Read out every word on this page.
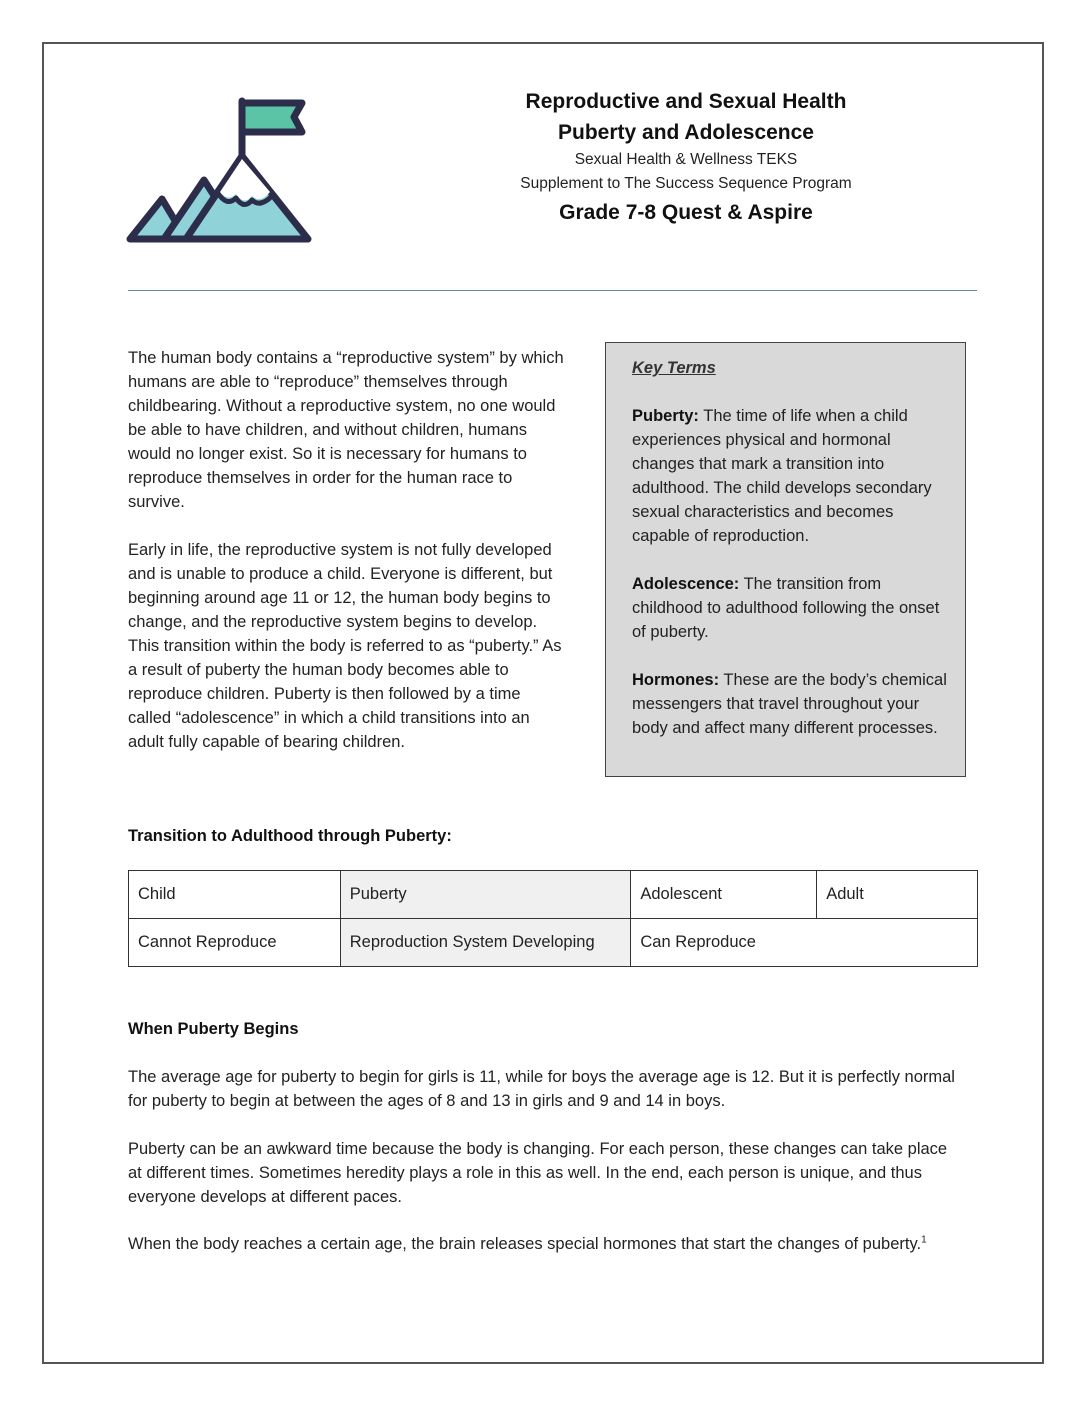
Reproductive and Sexual Health
Puberty and Adolescence
Sexual Health & Wellness TEKS
Supplement to The Success Sequence Program
Grade 7-8 Quest & Aspire

The human body contains a “reproductive system” by which humans are able to “reproduce” themselves through childbearing. Without a reproductive system, no one would be able to have children, and without children, humans would no longer exist. So it is necessary for humans to reproduce themselves in order for the human race to survive.

Early in life, the reproductive system is not fully developed and is unable to produce a child. Everyone is different, but beginning around age 11 or 12, the human body begins to change, and the reproductive system begins to develop. This transition within the body is referred to as “puberty.” As a result of puberty the human body becomes able to reproduce children. Puberty is then followed by a time called “adolescence” in which a child transitions into an adult fully capable of bearing children.

Key Terms

Puberty: The time of life when a child experiences physical and hormonal changes that mark a transition into adulthood. The child develops secondary sexual characteristics and becomes capable of reproduction.

Adolescence: The transition from childhood to adulthood following the onset of puberty.

Hormones: These are the body’s chemical messengers that travel throughout your body and affect many different processes.

Transition to Adulthood through Puberty:
Child	Puberty	Adolescent	Adult
Cannot Reproduce	Reproduction System Developing	Can Reproduce	
When Puberty Begins

The average age for puberty to begin for girls is 11, while for boys the average age is 12. But it is perfectly normal for puberty to begin at between the ages of 8 and 13 in girls and 9 and 14 in boys.

Puberty can be an awkward time because the body is changing. For each person, these changes can take place at different times. Sometimes heredity plays a role in this as well. In the end, each person is unique, and thus everyone develops at different paces.

When the body reaches a certain age, the brain releases special hormones that start the changes of puberty.$^1$
